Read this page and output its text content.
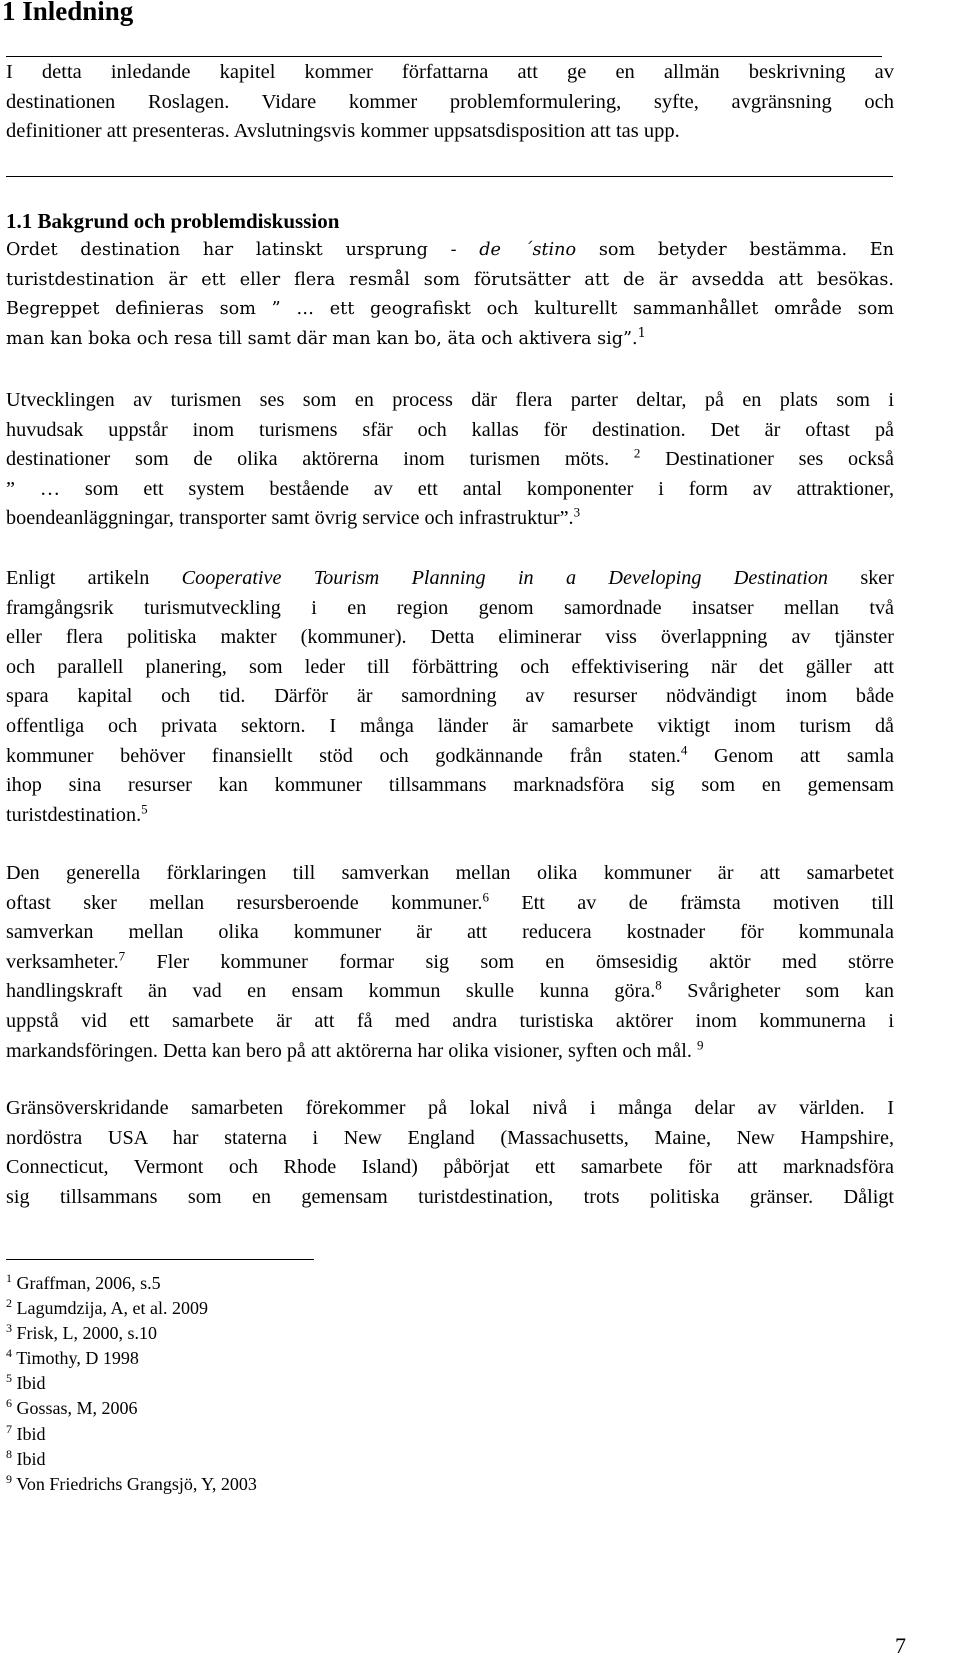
1 Inledning
I detta inledande kapitel kommer författarna att ge en allmän beskrivning av
destinationen Roslagen. Vidare kommer problemformulering, syfte, avgränsning och
definitioner att presenteras. Avslutningsvis kommer uppsatsdisposition att tas upp.
1.1 Bakgrund och problemdiskussion
Ordet destination har latinskt ursprung - de ´stino som betyder bestämma. En
turistdestination är ett eller flera resmål som förutsätter att de är avsedda att besökas.
Begreppet definieras som ” … ett geografiskt och kulturellt sammanhållet område som
man kan boka och resa till samt där man kan bo, äta och aktivera sig”.$^1$
Utvecklingen av turismen ses som en process där flera parter deltar, på en plats som i
huvudsak uppstår inom turismens sfär och kallas för destination. Det är oftast på
destinationer som de olika aktörerna inom turismen möts. $^2$ Destinationer ses också
” … som ett system bestående av ett antal komponenter i form av attraktioner,
boendeanläggningar, transporter samt övrig service och infrastruktur”.$^3$
Enligt artikeln Cooperative Tourism Planning in a Developing Destination sker
framgångsrik turismutveckling i en region genom samordnade insatser mellan två
eller flera politiska makter (kommuner). Detta eliminerar viss överlappning av tjänster
och parallell planering, som leder till förbättring och effektivisering när det gäller att
spara kapital och tid. Därför är samordning av resurser nödvändigt inom både
offentliga och privata sektorn. I många länder är samarbete viktigt inom turism då
kommuner behöver finansiellt stöd och godkännande från staten.$^4$ Genom att samla
ihop sina resurser kan kommuner tillsammans marknadsföra sig som en gemensam
turistdestination.$^5$
Den generella förklaringen till samverkan mellan olika kommuner är att samarbetet
oftast sker mellan resursberoende kommuner.$^6$ Ett av de främsta motiven till
samverkan mellan olika kommuner är att reducera kostnader för kommunala
verksamheter.$^7$ Fler kommuner formar sig som en ömsesidig aktör med större
handlingskraft än vad en ensam kommun skulle kunna göra.$^8$ Svårigheter som kan
uppstå vid ett samarbete är att få med andra turistiska aktörer inom kommunerna i
markandsföringen. Detta kan bero på att aktörerna har olika visioner, syften och mål. $^9$
Gränsöverskridande samarbeten förekommer på lokal nivå i många delar av världen. I
nordöstra USA har staterna i New England (Massachusetts, Maine, New Hampshire,
Connecticut, Vermont och Rhode Island) påbörjat ett samarbete för att marknadsföra
sig tillsammans som en gemensam turistdestination, trots politiska gränser. Dåligt
$^1$ Graffman, 2006, s.5
$^2$ Lagumdzija, A, et al. 2009
$^3$ Frisk, L, 2000, s.10
$^4$ Timothy, D 1998
$^5$ Ibid
$^6$ Gossas, M, 2006
$^7$ Ibid
$^8$ Ibid
$^9$ Von Friedrichs Grangsjö, Y, 2003
7
